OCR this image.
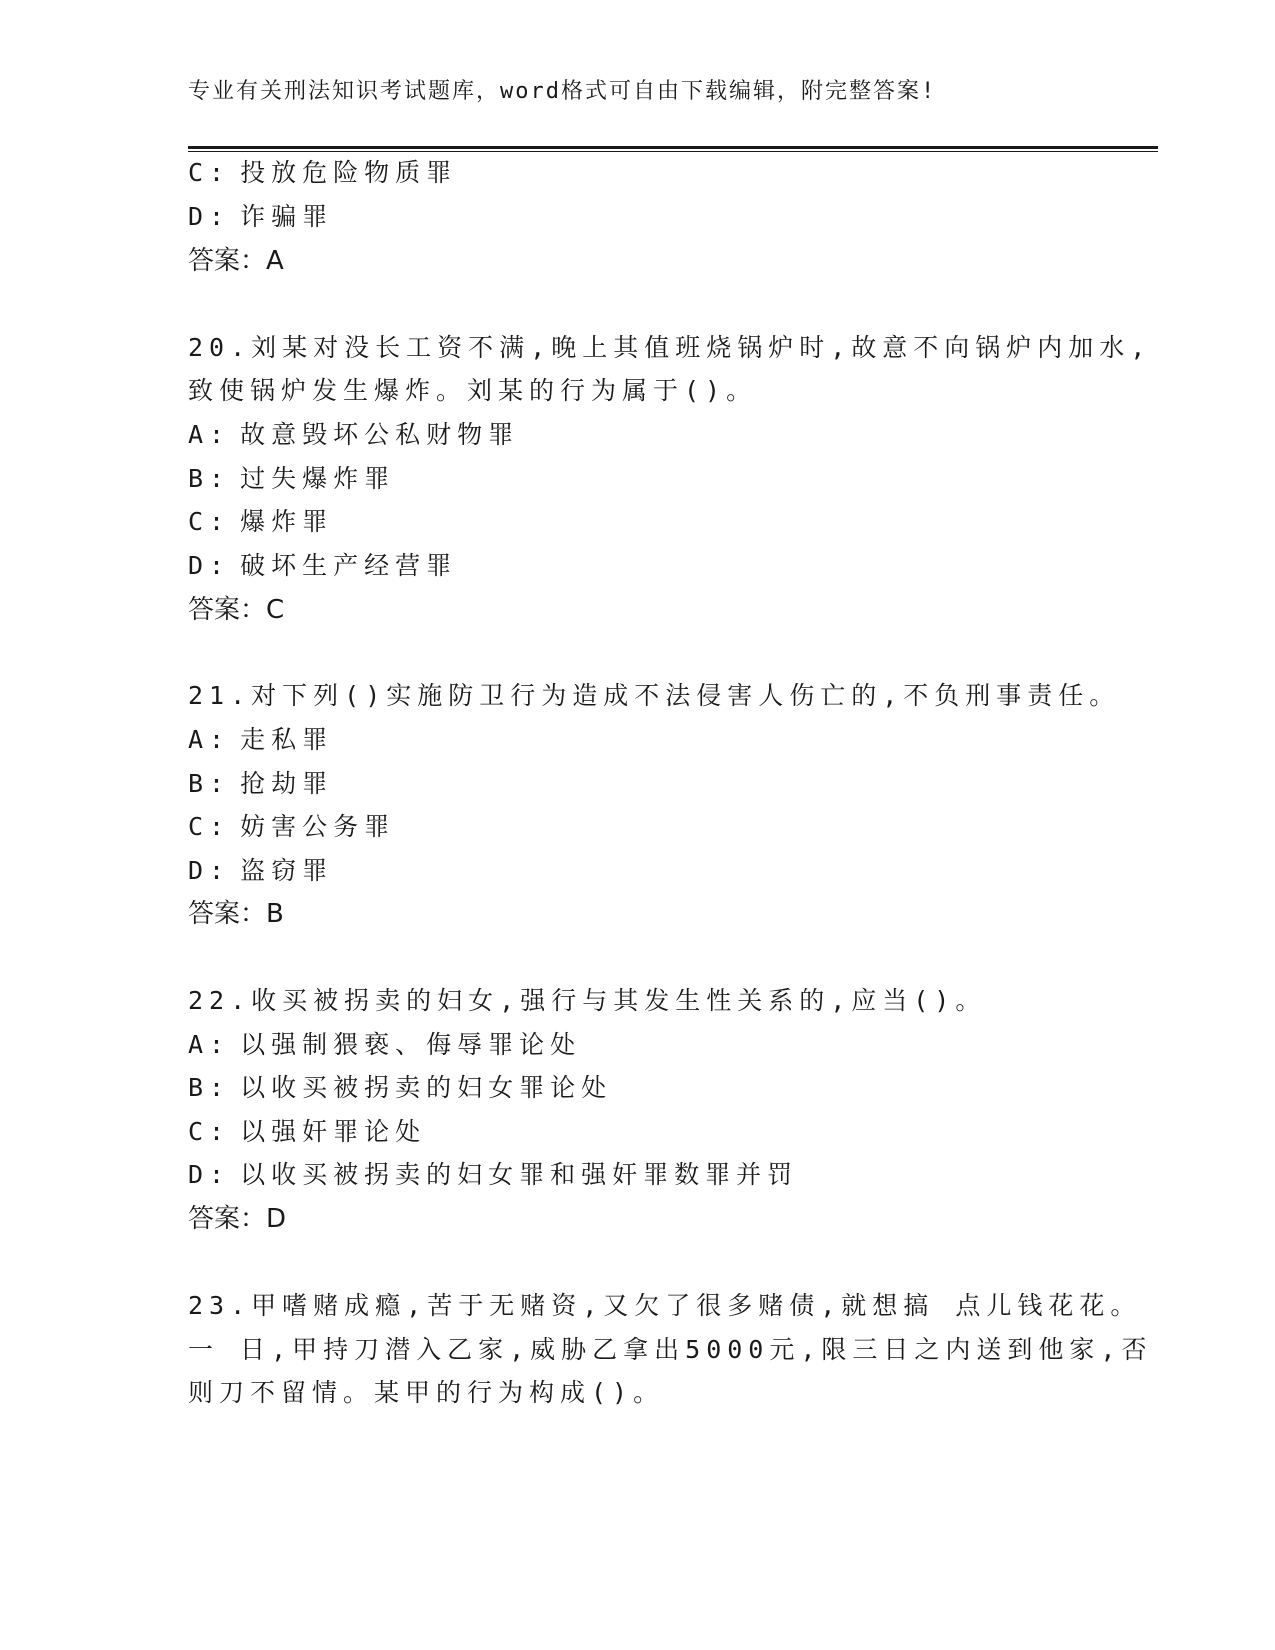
专业有关刑法知识考试题库，word格式可自由下载编辑，附完整答案!
C: 投放危险物质罪
D: 诈骗罪
答案：A
20.刘某对没长工资不满,晚上其值班烧锅炉时,故意不向锅炉内加水,
致使锅炉发生爆炸。刘某的行为属于()。
A: 故意毁坏公私财物罪
B: 过失爆炸罪
C: 爆炸罪
D: 破坏生产经营罪
答案：C
21.对下列()实施防卫行为造成不法侵害人伤亡的,不负刑事责任。
A: 走私罪
B: 抢劫罪
C: 妨害公务罪
D: 盗窃罪
答案：B
22.收买被拐卖的妇女,强行与其发生性关系的,应当()。
A: 以强制猥亵、侮辱罪论处
B: 以收买被拐卖的妇女罪论处
C: 以强奸罪论处
D: 以收买被拐卖的妇女罪和强奸罪数罪并罚
答案：D
23.甲嗜赌成瘾,苦于无赌资,又欠了很多赌债,就想搞 点儿钱花花。
一 日,甲持刀潜入乙家,威胁乙拿出5000元,限三日之内送到他家,否
则刀不留情。某甲的行为构成()。
